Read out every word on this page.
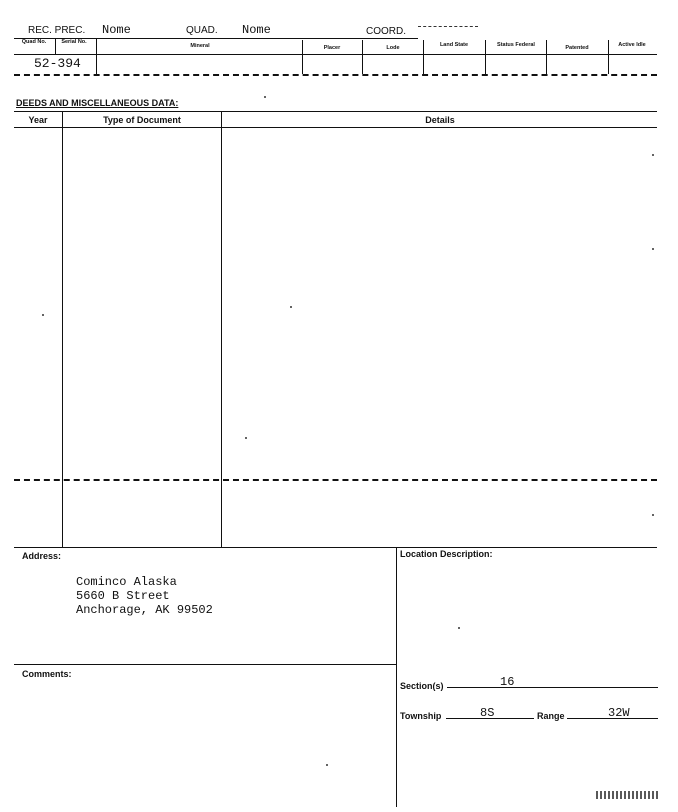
REC. PREC. Nome	QUAD. Nome	COORD.
Quad No.	Serial No.
Mineral	Placer	Lode	Land State	Status Federal	Patented	Active Idle
52-394
DEEDS AND MISCELLANEOUS DATA:
Year	Type of Document	Details
Address:
Cominco Alaska
5660 B Street
Anchorage, AK 99502
Location Description:
Comments:
Section(s)	16
Township	8S	Range	32W
